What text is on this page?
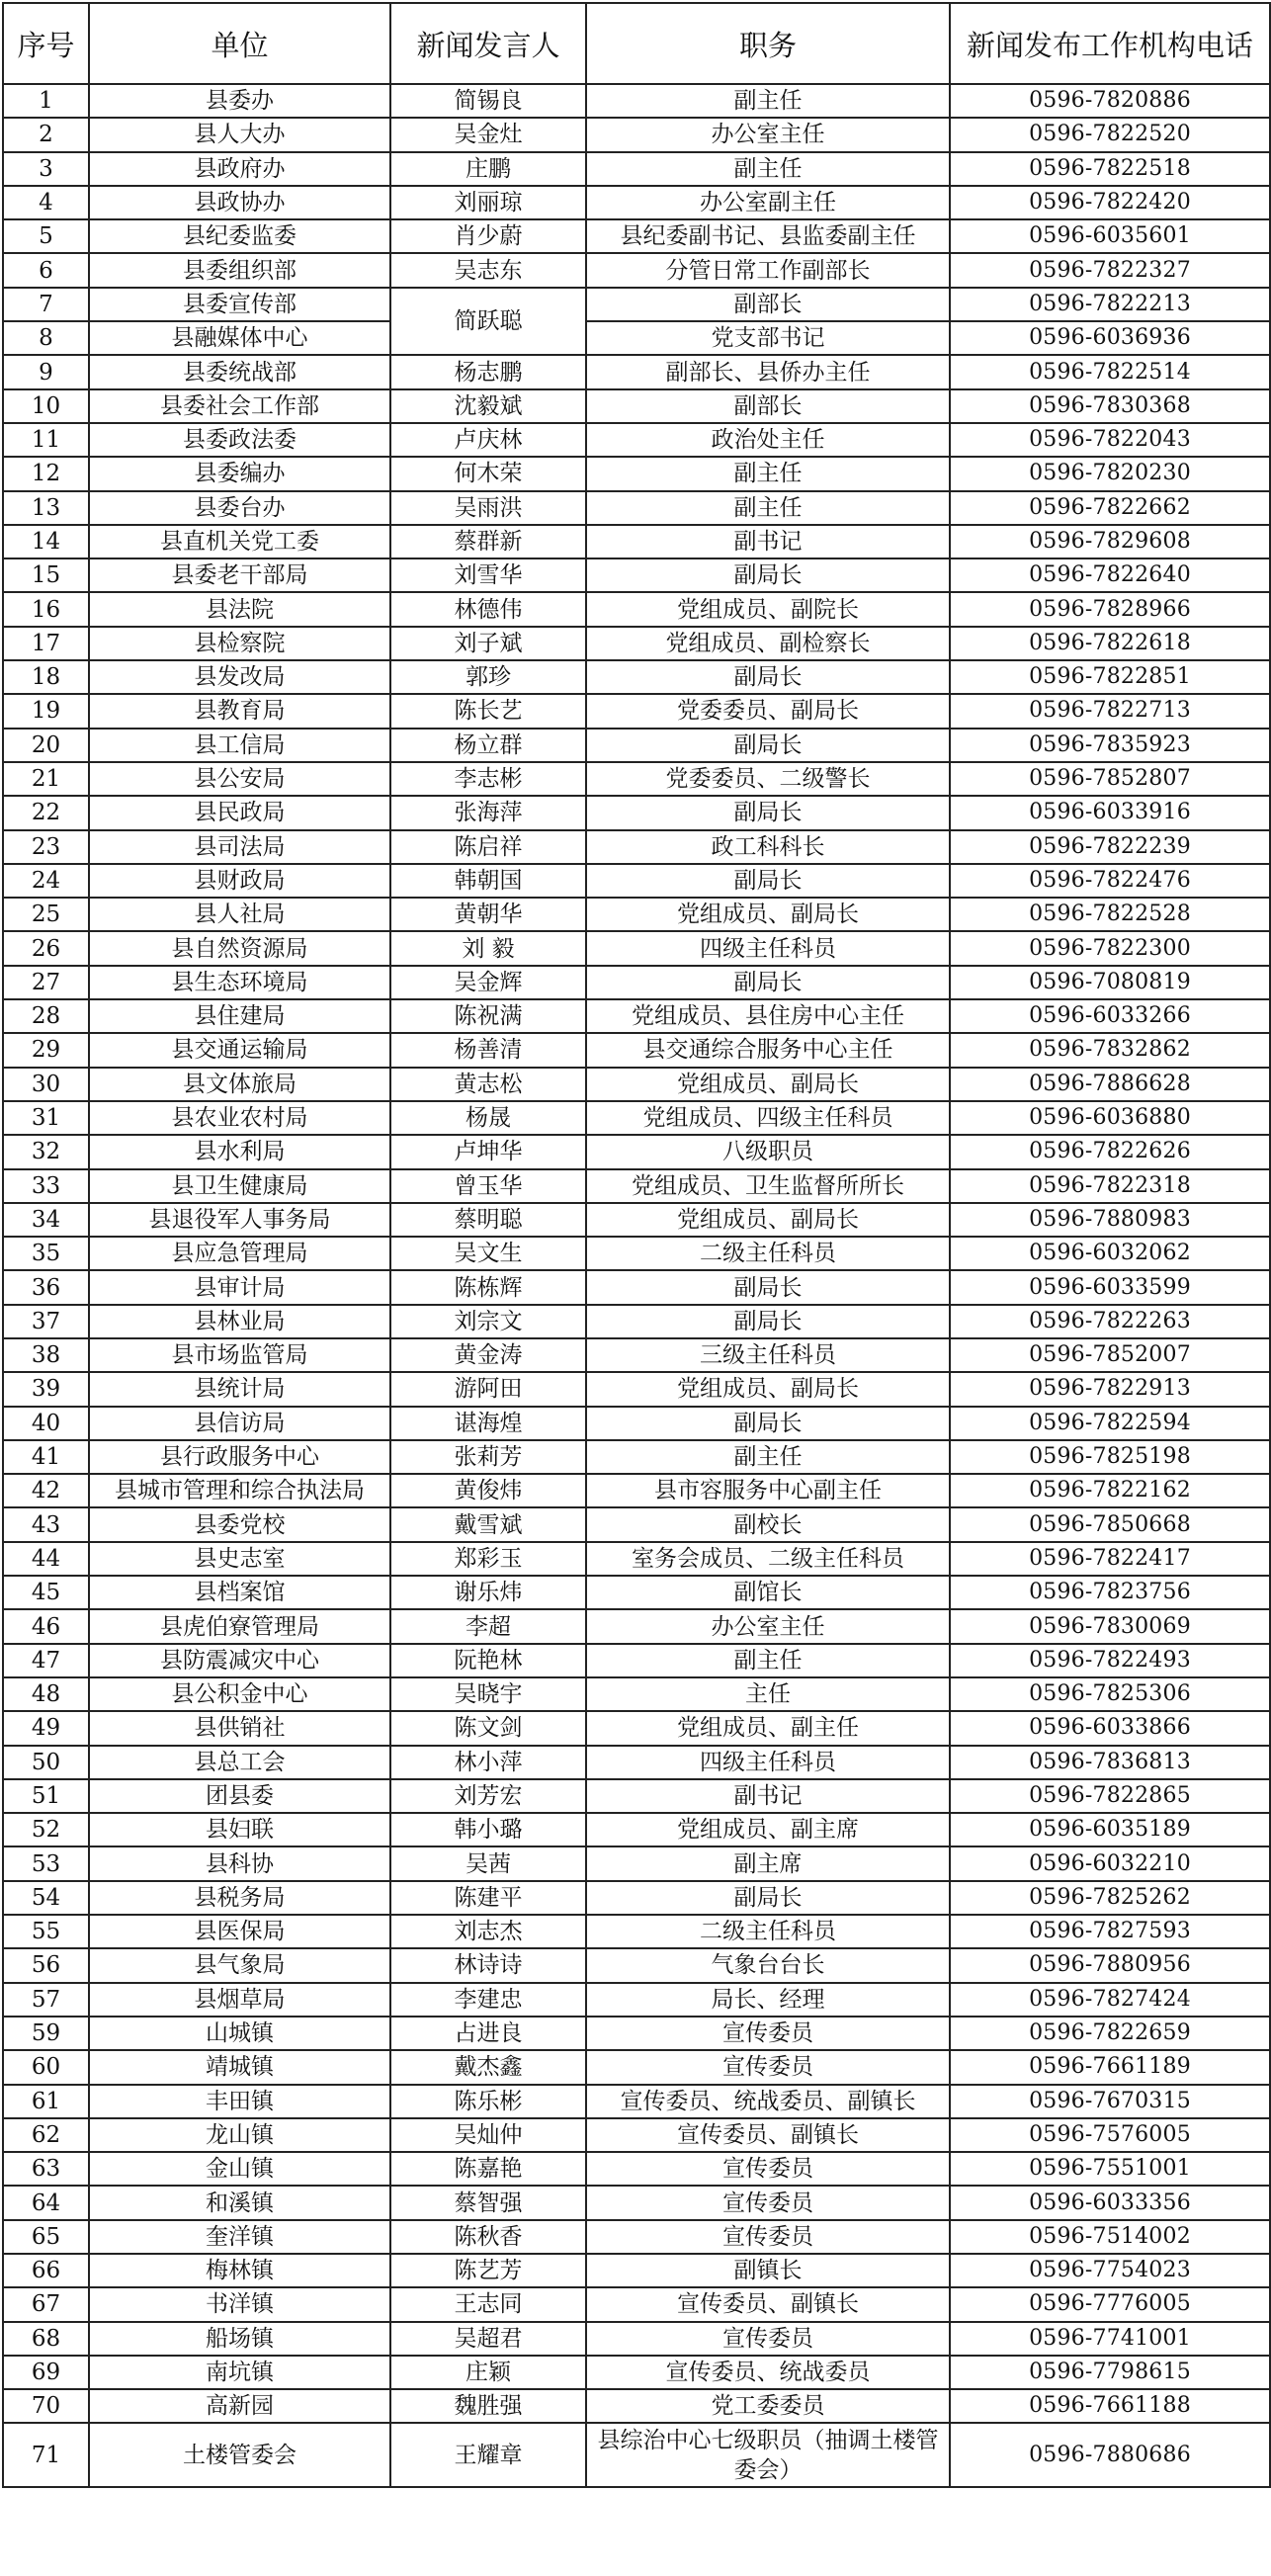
序号	单位	新闻发言人	职务	新闻发布工作机构电话
1	县委办	简锡良	副主任	0596-7820886
2	县人大办	吴金灶	办公室主任	0596-7822520
3	县政府办	庄鹏	副主任	0596-7822518
4	县政协办	刘丽琼	办公室副主任	0596-7822420
5	县纪委监委	肖少蔚	县纪委副书记、县监委副主任	0596-6035601
6	县委组织部	吴志东	分管日常工作副部长	0596-7822327
7	县委宣传部	简跃聪	副部长	0596-7822213
8	县融媒体中心		党支部书记	0596-6036936
9	县委统战部	杨志鹏	副部长、县侨办主任	0596-7822514
10	县委社会工作部	沈毅斌	副部长	0596-7830368
11	县委政法委	卢庆林	政治处主任	0596-7822043
12	县委编办	何木荣	副主任	0596-7820230
13	县委台办	吴雨洪	副主任	0596-7822662
14	县直机关党工委	蔡群新	副书记	0596-7829608
15	县委老干部局	刘雪华	副局长	0596-7822640
16	县法院	林德伟	党组成员、副院长	0596-7828966
17	县检察院	刘子斌	党组成员、副检察长	0596-7822618
18	县发改局	郭珍	副局长	0596-7822851
19	县教育局	陈长艺	党委委员、副局长	0596-7822713
20	县工信局	杨立群	副局长	0596-7835923
21	县公安局	李志彬	党委委员、二级警长	0596-7852807
22	县民政局	张海萍	副局长	0596-6033916
23	县司法局	陈启祥	政工科科长	0596-7822239
24	县财政局	韩朝国	副局长	0596-7822476
25	县人社局	黄朝华	党组成员、副局长	0596-7822528
26	县自然资源局	刘 毅	四级主任科员	0596-7822300
27	县生态环境局	吴金辉	副局长	0596-7080819
28	县住建局	陈祝满	党组成员、县住房中心主任	0596-6033266
29	县交通运输局	杨善清	县交通综合服务中心主任	0596-7832862
30	县文体旅局	黄志松	党组成员、副局长	0596-7886628
31	县农业农村局	杨晟	党组成员、四级主任科员	0596-6036880
32	县水利局	卢坤华	八级职员	0596-7822626
33	县卫生健康局	曾玉华	党组成员、卫生监督所所长	0596-7822318
34	县退役军人事务局	蔡明聪	党组成员、副局长	0596-7880983
35	县应急管理局	吴文生	二级主任科员	0596-6032062
36	县审计局	陈栋辉	副局长	0596-6033599
37	县林业局	刘宗文	副局长	0596-7822263
38	县市场监管局	黄金涛	三级主任科员	0596-7852007
39	县统计局	游阿田	党组成员、副局长	0596-7822913
40	县信访局	谌海煌	副局长	0596-7822594
41	县行政服务中心	张莉芳	副主任	0596-7825198
42	县城市管理和综合执法局	黄俊炜	县市容服务中心副主任	0596-7822162
43	县委党校	戴雪斌	副校长	0596-7850668
44	县史志室	郑彩玉	室务会成员、二级主任科员	0596-7822417
45	县档案馆	谢乐炜	副馆长	0596-7823756
46	县虎伯寮管理局	李超	办公室主任	0596-7830069
47	县防震减灾中心	阮艳林	副主任	0596-7822493
48	县公积金中心	吴晓宇	主任	0596-7825306
49	县供销社	陈文剑	党组成员、副主任	0596-6033866
50	县总工会	林小萍	四级主任科员	0596-7836813
51	团县委	刘芳宏	副书记	0596-7822865
52	县妇联	韩小璐	党组成员、副主席	0596-6035189
53	县科协	吴茜	副主席	0596-6032210
54	县税务局	陈建平	副局长	0596-7825262
55	县医保局	刘志杰	二级主任科员	0596-7827593
56	县气象局	林诗诗	气象台台长	0596-7880956
57	县烟草局	李建忠	局长、经理	0596-7827424
59	山城镇	占进良	宣传委员	0596-7822659
60	靖城镇	戴杰鑫	宣传委员	0596-7661189
61	丰田镇	陈乐彬	宣传委员、统战委员、副镇长	0596-7670315
62	龙山镇	吴灿仲	宣传委员、副镇长	0596-7576005
63	金山镇	陈嘉艳	宣传委员	0596-7551001
64	和溪镇	蔡智强	宣传委员	0596-6033356
65	奎洋镇	陈秋香	宣传委员	0596-7514002
66	梅林镇	陈艺芳	副镇长	0596-7754023
67	书洋镇	王志同	宣传委员、副镇长	0596-7776005
68	船场镇	吴超君	宣传委员	0596-7741001
69	南坑镇	庄颖	宣传委员、统战委员	0596-7798615
70	高新园	魏胜强	党工委委员	0596-7661188
71	土楼管委会	王耀章	县综治中心七级职员（抽调土楼管委会）	0596-7880686
